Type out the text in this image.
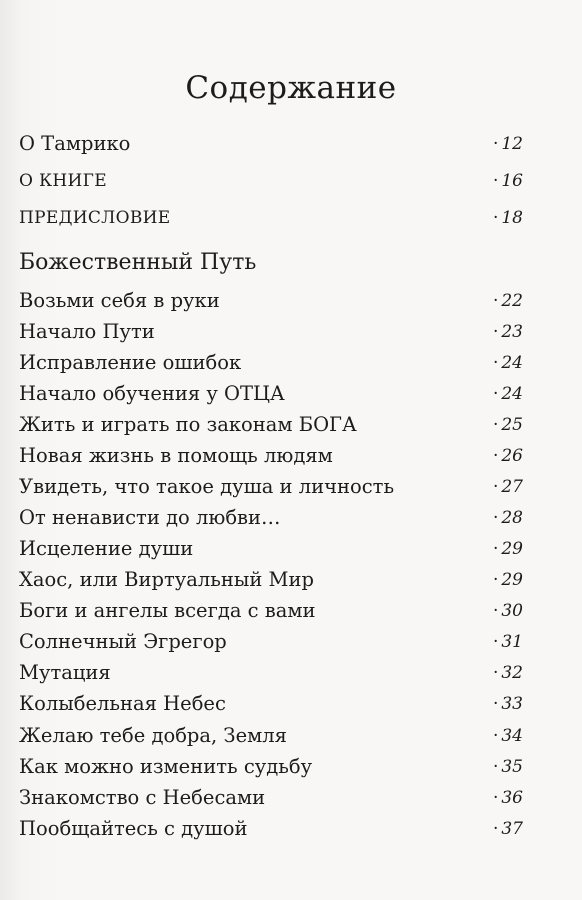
Содержание
О Тамрико	· 12
О КНИГЕ	· 16
ПРЕДИСЛОВИЕ	· 18
Божественный Путь
Возьми себя в руки	· 22
Начало Пути	· 23
Исправление ошибок	· 24
Начало обучения у ОТЦА	· 24
Жить и играть по законам БОГА	· 25
Новая жизнь в помощь людям	· 26
Увидеть, что такое душа и личность	· 27
От ненависти до любви…	· 28
Исцеление души	· 29
Хаос, или Виртуальный Мир	· 29
Боги и ангелы всегда с вами	· 30
Солнечный Эгрегор	· 31
Мутация	· 32
Колыбельная Небес	· 33
Желаю тебе добра, Земля	· 34
Как можно изменить судьбу	· 35
Знакомство с Небесами	· 36
Пообщайтесь с душой	· 37
